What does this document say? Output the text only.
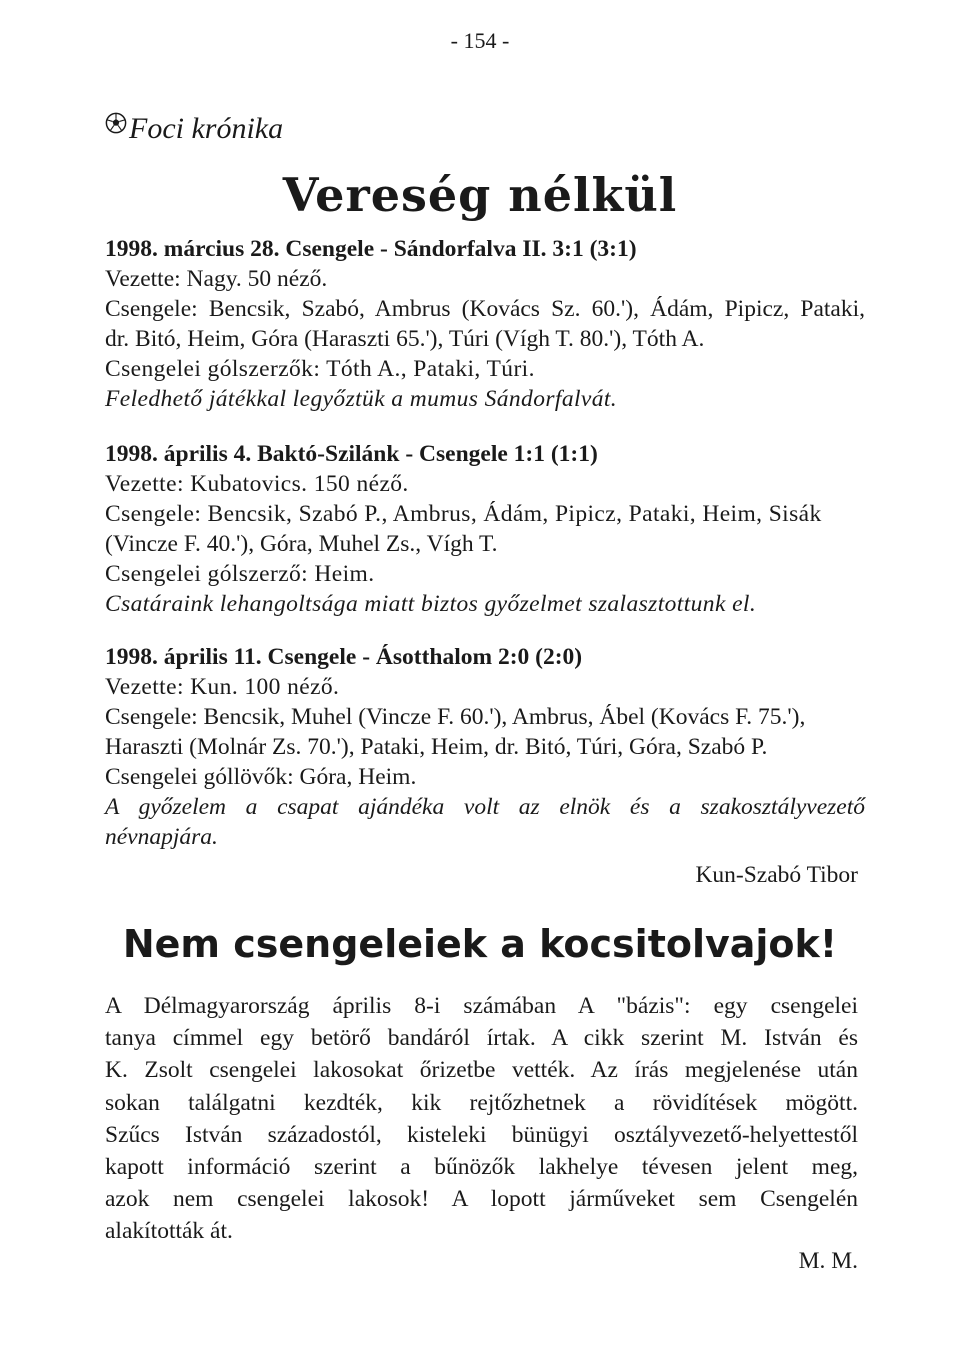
- 154 -
Foci krónika
Vereség nélkül
1998. március 28. Csengele - Sándorfalva II. 3:1 (3:1)
Vezette: Nagy. 50 néző.
Csengele: Bencsik, Szabó, Ambrus (Kovács Sz. 60.'), Ádám, Pipicz, Pataki,
dr. Bitó, Heim, Góra (Haraszti 65.'), Túri (Vígh T. 80.'), Tóth A.
Csengelei gólszerzők: Tóth A., Pataki, Túri.
Feledhető játékkal legyőztük a mumus Sándorfalvát.
1998. április 4. Baktó-Szilánk - Csengele 1:1 (1:1)
Vezette: Kubatovics. 150 néző.
Csengele: Bencsik, Szabó P., Ambrus, Ádám, Pipicz, Pataki, Heim, Sisák
(Vincze F. 40.'), Góra, Muhel Zs., Vígh T.
Csengelei gólszerző: Heim.
Csatáraink lehangoltsága miatt biztos győzelmet szalasztottunk el.
1998. április 11. Csengele - Ásotthalom 2:0 (2:0)
Vezette: Kun. 100 néző.
Csengele: Bencsik, Muhel (Vincze F. 60.'), Ambrus, Ábel (Kovács F. 75.'),
Haraszti (Molnár Zs. 70.'), Pataki, Heim, dr. Bitó, Túri, Góra, Szabó P.
Csengelei góllövők: Góra, Heim.
A győzelem a csapat ajándéka volt az elnök és a szakosztályvezető
névnapjára.
Kun-Szabó Tibor
Nem csengeleiek a kocsitolvajok!
A Délmagyarország április 8-i számában A "bázis": egy csengelei
tanya címmel egy betörő bandáról írtak. A cikk szerint M. István és
K. Zsolt csengelei lakosokat őrizetbe vették. Az írás megjelenése után
sokan találgatni kezdték, kik rejtőzhetnek a rövidítések mögött.
Szűcs István századostól, kisteleki bünügyi osztályvezető-helyettestől
kapott információ szerint a bűnözők lakhelye tévesen jelent meg,
azok nem csengelei lakosok! A lopott járműveket sem Csengelén
alakították át.
M. M.
